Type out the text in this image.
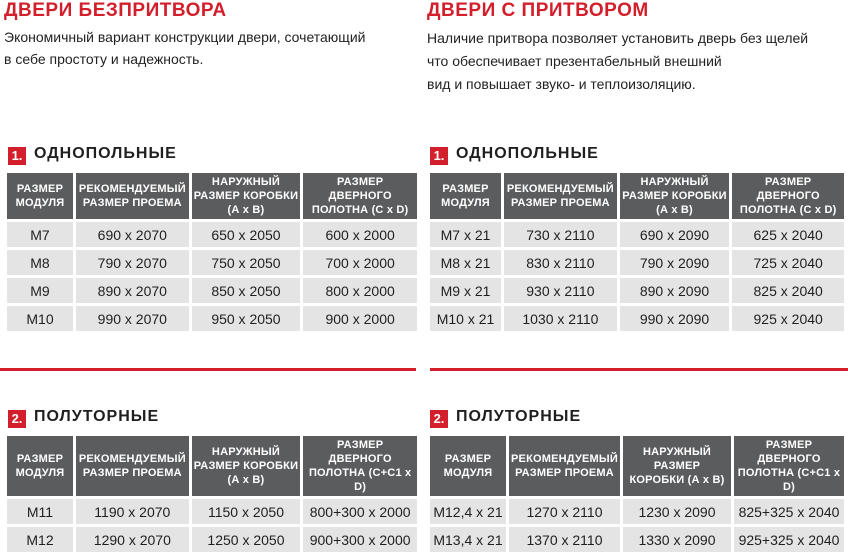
ДВЕРИ БЕЗПРИТВОРА
Экономичный вариант конструкции двери, сочетающий
в себе простоту и надежность.
1. ОДНОПОЛЬНЫЕ
РАЗМЕР МОДУЛЯ	РЕКОМЕНДУЕМЫЙ РАЗМЕР ПРОЕМА	НАРУЖНЫЙ РАЗМЕР КОРОБКИ (А х В)	РАЗМЕР ДВЕРНОГО ПОЛОТНА (С х D)
M7	690 x 2070	650 x 2050	600 x 2000
M8	790 x 2070	750 x 2050	700 x 2000
M9	890 x 2070	850 x 2050	800 x 2000
M10	990 x 2070	950 x 2050	900 x 2000
2. ПОЛУТОРНЫЕ
РАЗМЕР МОДУЛЯ	РЕКОМЕНДУЕМЫЙ РАЗМЕР ПРОЕМА	НАРУЖНЫЙ РАЗМЕР КОРОБКИ (А х В)	РАЗМЕР ДВЕРНОГО ПОЛОТНА (С+С1 х D)
M11	1190 x 2070	1150 x 2050	800+300 x 2000
M12	1290 x 2070	1250 x 2050	900+300 x 2000
ДВЕРИ С ПРИТВОРОМ
Наличие притвора позволяет установить дверь без щелей
что обеспечивает презентабельный внешний
вид и повышает звуко- и теплоизоляцию.
1. ОДНОПОЛЬНЫЕ
РАЗМЕР МОДУЛЯ	РЕКОМЕНДУЕМЫЙ РАЗМЕР ПРОЕМА	НАРУЖНЫЙ РАЗМЕР КОРОБКИ (А х В)	РАЗМЕР ДВЕРНОГО ПОЛОТНА (С х D)
M7 x 21	730 x 2110	690 x 2090	625 x 2040
M8 x 21	830 x 2110	790 x 2090	725 x 2040
M9 x 21	930 x 2110	890 x 2090	825 x 2040
M10 x 21	1030 x 2110	990 x 2090	925 x 2040
2. ПОЛУТОРНЫЕ
РАЗМЕР МОДУЛЯ	РЕКОМЕНДУЕМЫЙ РАЗМЕР ПРОЕМА	НАРУЖНЫЙ РАЗМЕР КОРОБКИ (А х В)	РАЗМЕР ДВЕРНОГО ПОЛОТНА (С+С1 х D)
M12,4 x 21	1270 x 2110	1230 x 2090	825+325 x 2040
M13,4 x 21	1370 x 2110	1330 x 2090	925+325 x 2040
